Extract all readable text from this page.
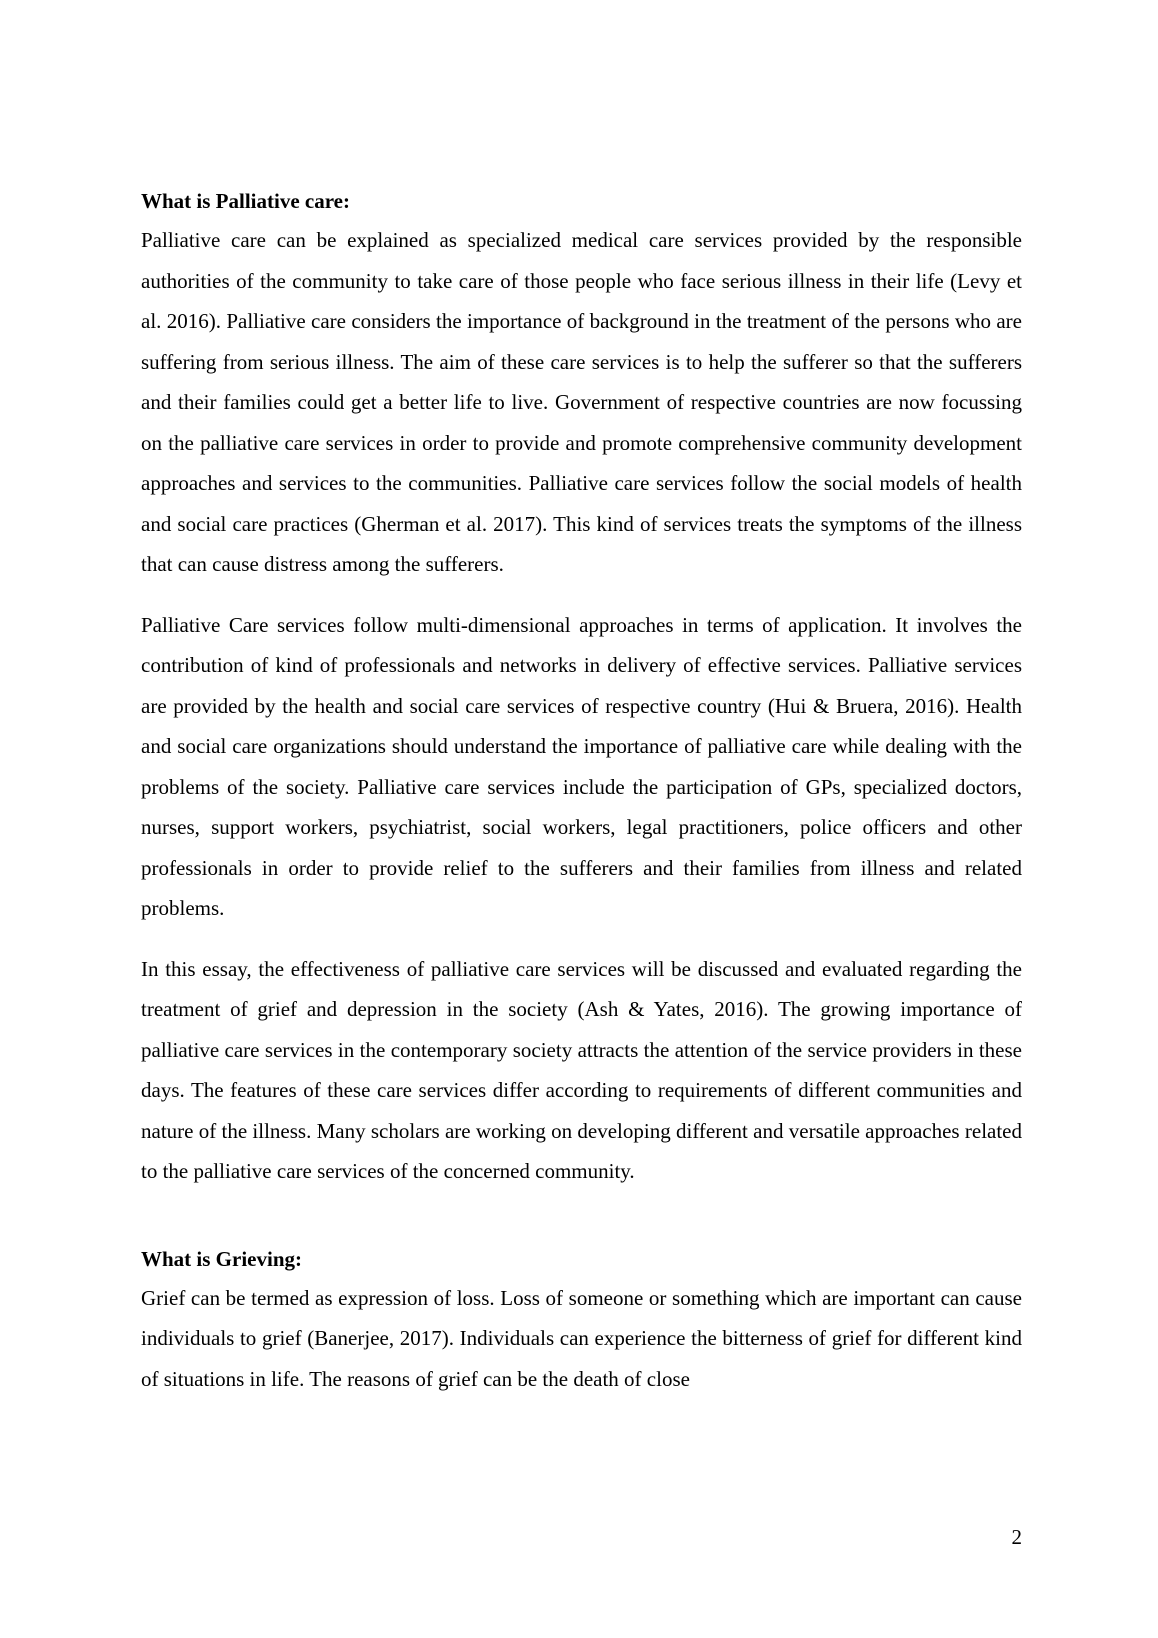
What is Palliative care:

Palliative care can be explained as specialized medical care services provided by the responsible authorities of the community to take care of those people who face serious illness in their life (Levy et al. 2016). Palliative care considers the importance of background in the treatment of the persons who are suffering from serious illness. The aim of these care services is to help the sufferer so that the sufferers and their families could get a better life to live. Government of respective countries are now focussing on the palliative care services in order to provide and promote comprehensive community development approaches and services to the communities. Palliative care services follow the social models of health and social care practices (Gherman et al. 2017). This kind of services treats the symptoms of the illness that can cause distress among the sufferers.

Palliative Care services follow multi-dimensional approaches in terms of application. It involves the contribution of kind of professionals and networks in delivery of effective services. Palliative services are provided by the health and social care services of respective country (Hui & Bruera, 2016). Health and social care organizations should understand the importance of palliative care while dealing with the problems of the society. Palliative care services include the participation of GPs, specialized doctors, nurses, support workers, psychiatrist, social workers, legal practitioners, police officers and other professionals in order to provide relief to the sufferers and their families from illness and related problems.

In this essay, the effectiveness of palliative care services will be discussed and evaluated regarding the treatment of grief and depression in the society (Ash & Yates, 2016). The growing importance of palliative care services in the contemporary society attracts the attention of the service providers in these days. The features of these care services differ according to requirements of different communities and nature of the illness. Many scholars are working on developing different and versatile approaches related to the palliative care services of the concerned community.

What is Grieving:

Grief can be termed as expression of loss. Loss of someone or something which are important can cause individuals to grief (Banerjee, 2017). Individuals can experience the bitterness of grief for different kind of situations in life. The reasons of grief can be the death of close

2
